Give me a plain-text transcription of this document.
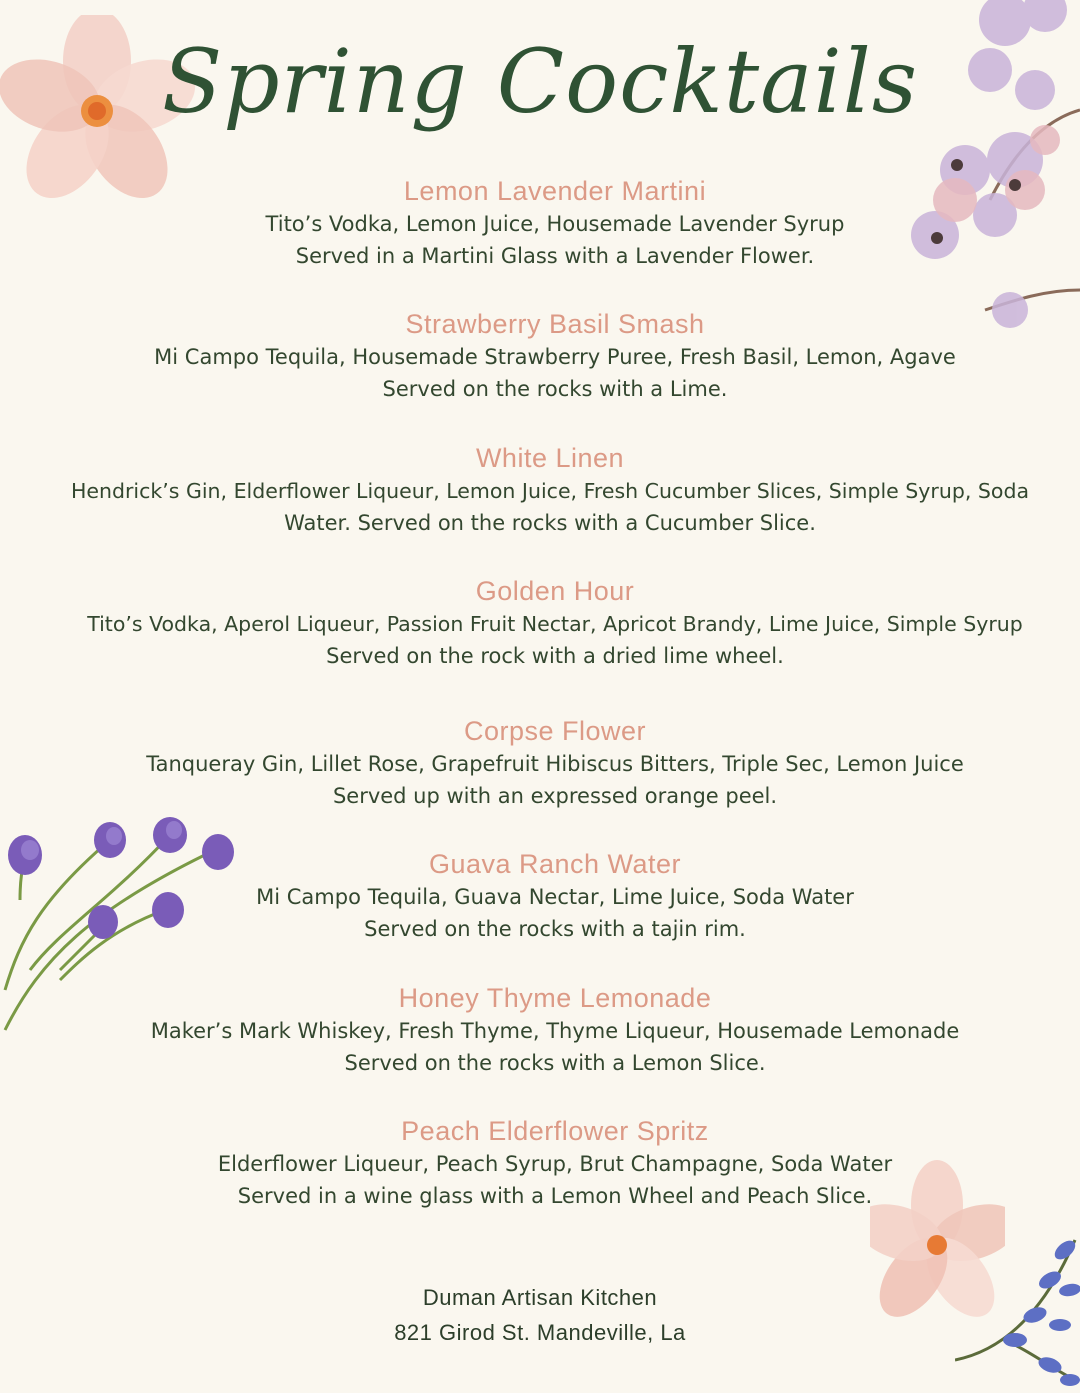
Spring Cocktails
Lemon Lavender Martini
Tito’s Vodka, Lemon Juice, Housemade Lavender Syrup
Served in a Martini Glass with a Lavender Flower.
Strawberry Basil Smash
Mi Campo Tequila, Housemade Strawberry Puree, Fresh Basil, Lemon, Agave
Served on the rocks with a Lime.
White Linen
Hendrick’s Gin, Elderflower Liqueur, Lemon Juice, Fresh Cucumber Slices, Simple Syrup, Soda
Water. Served on the rocks with a Cucumber Slice.
Golden Hour
Tito’s Vodka, Aperol Liqueur, Passion Fruit Nectar, Apricot Brandy, Lime Juice, Simple Syrup
Served on the rock with a dried lime wheel.
Corpse Flower
Tanqueray Gin, Lillet Rose, Grapefruit Hibiscus Bitters, Triple Sec, Lemon Juice
Served up with an expressed orange peel.
Guava Ranch Water
Mi Campo Tequila, Guava Nectar, Lime Juice, Soda Water
Served on the rocks with a tajin rim.
Honey Thyme Lemonade
Maker’s Mark Whiskey, Fresh Thyme, Thyme Liqueur, Housemade Lemonade
Served on the rocks with a Lemon Slice.
Peach Elderflower Spritz
Elderflower Liqueur, Peach Syrup, Brut Champagne, Soda Water
Served in a wine glass with a Lemon Wheel and Peach Slice.
Duman Artisan Kitchen
821 Girod St. Mandeville, La
